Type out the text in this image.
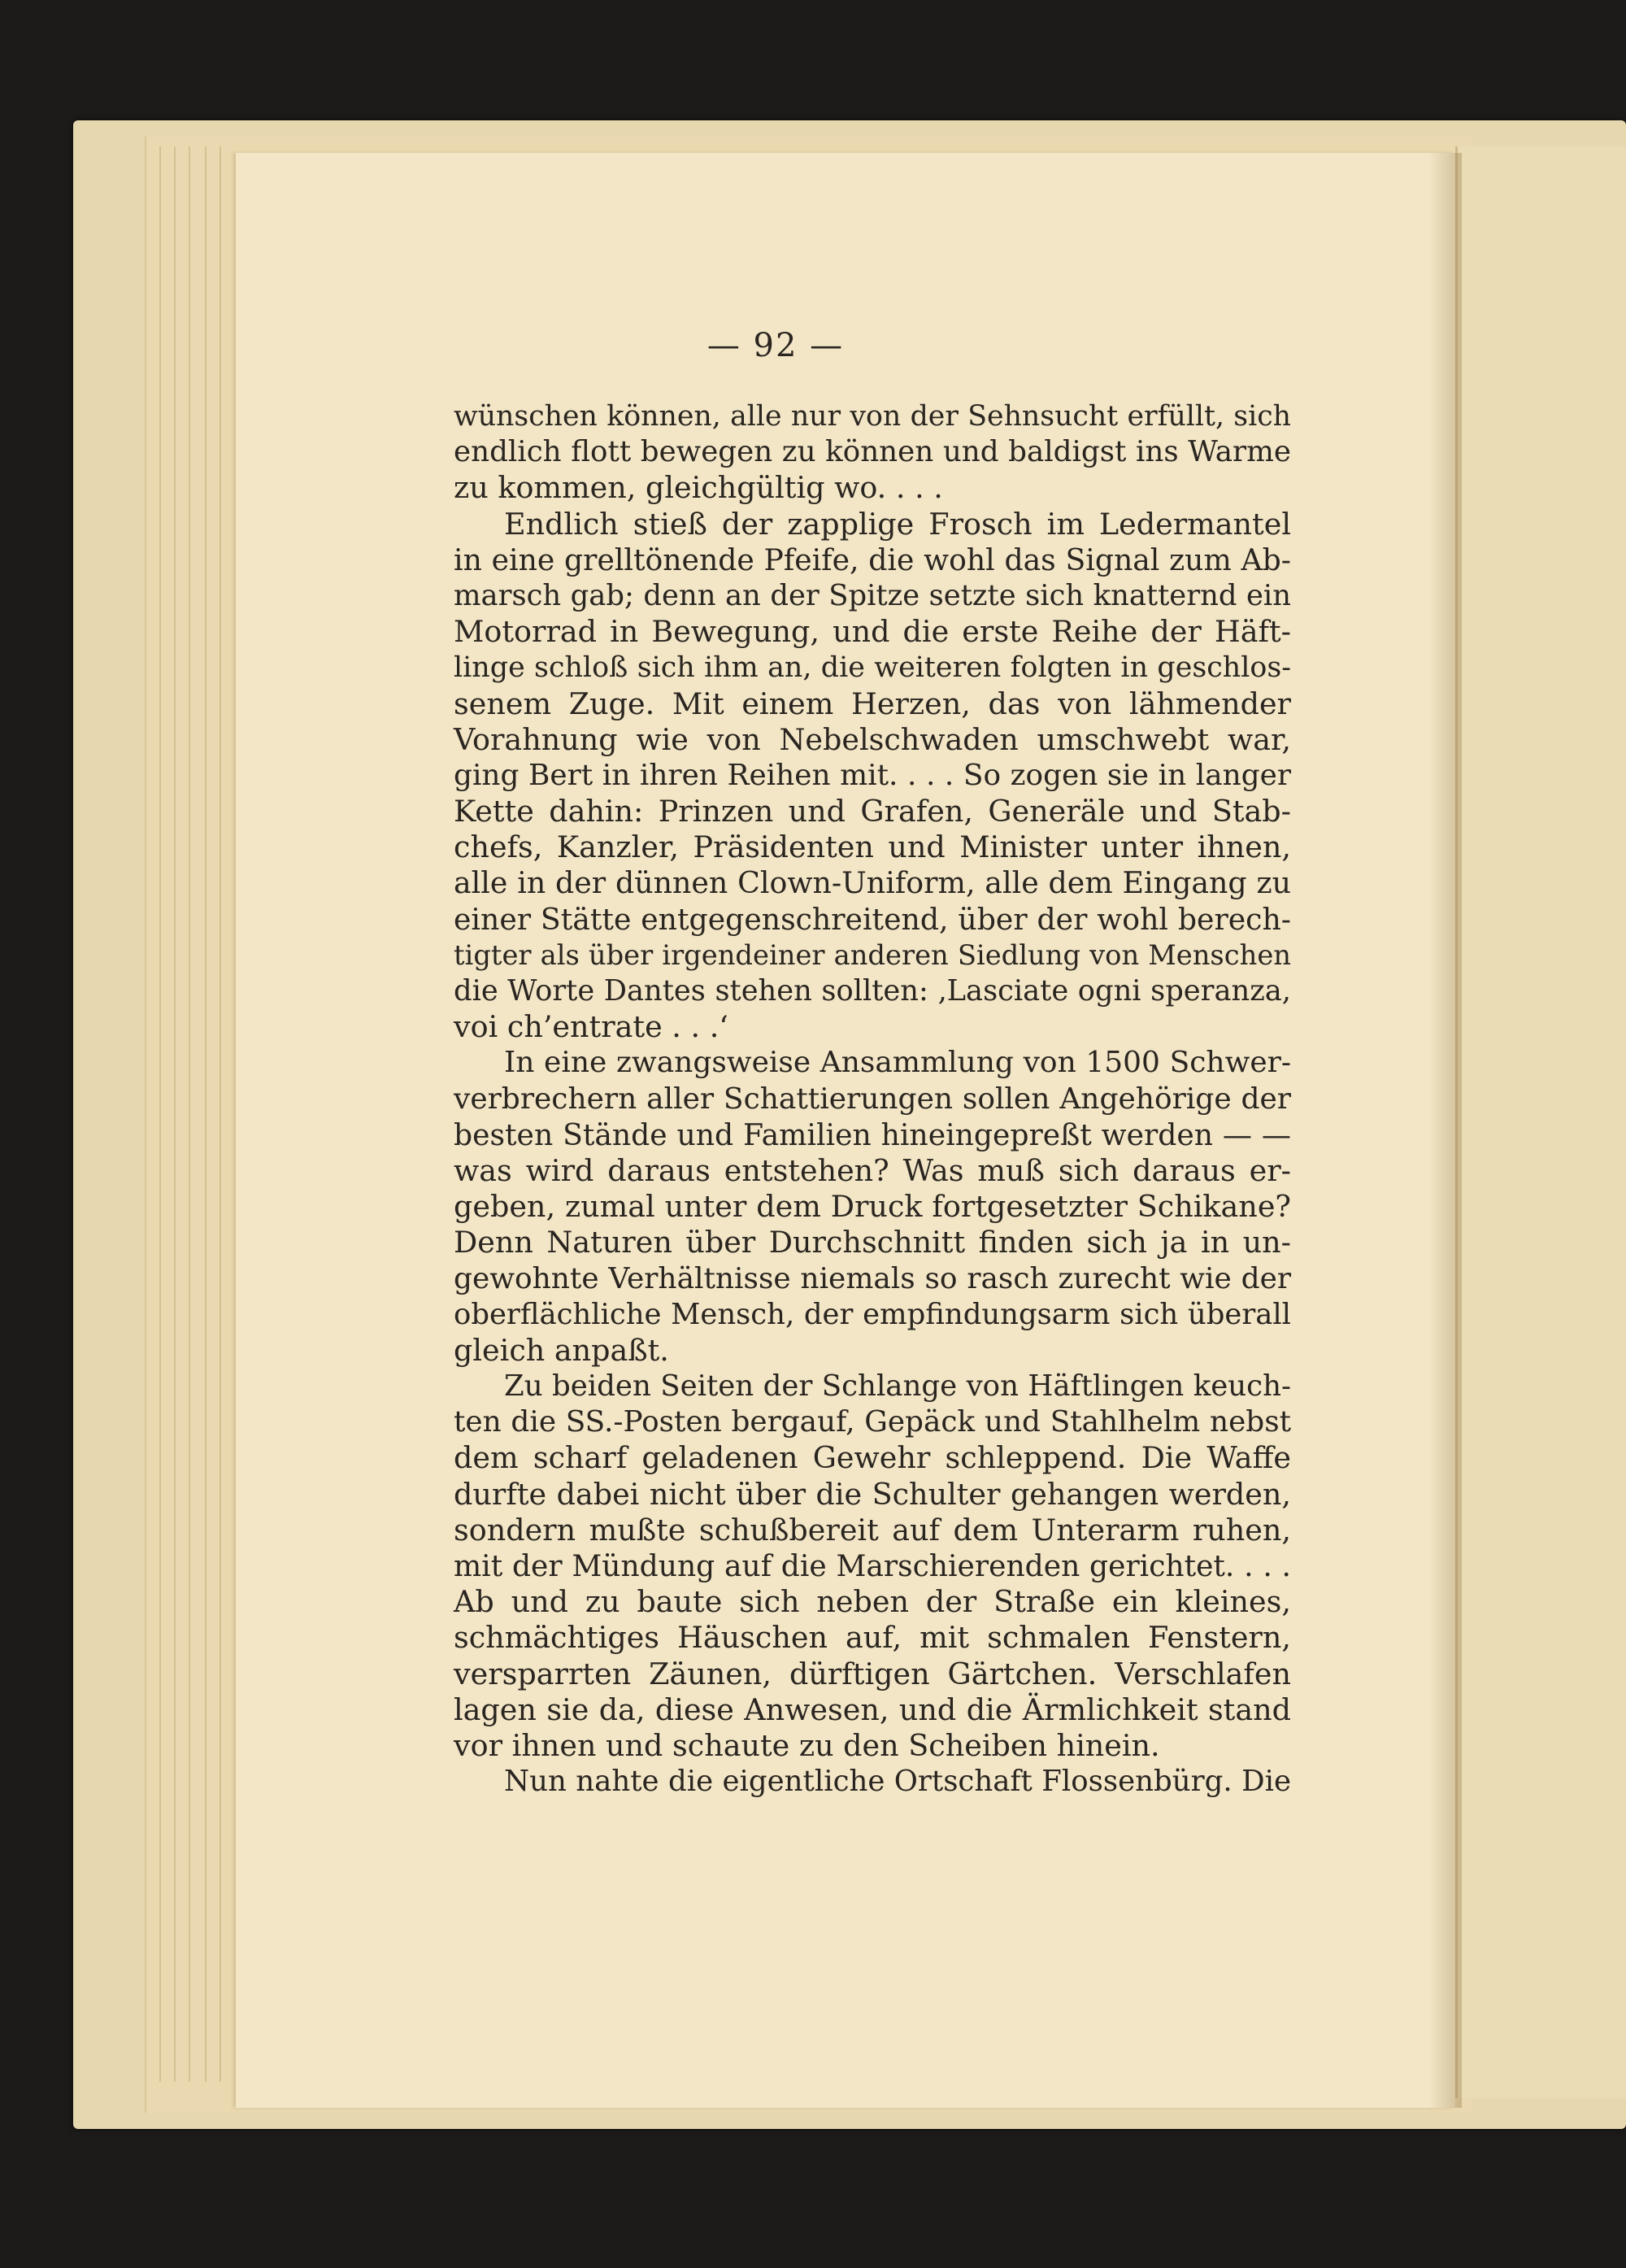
— 92 —
wünschen können, alle nur von der Sehnsucht erfüllt, sich
endlich flott bewegen zu können und baldigst ins Warme
zu kommen, gleichgültig wo. . . .
Endlich stieß der zapplige Frosch im Ledermantel
in eine grelltönende Pfeife, die wohl das Signal zum Ab-
marsch gab; denn an der Spitze setzte sich knatternd ein
Motorrad in Bewegung, und die erste Reihe der Häft-
linge schloß sich ihm an, die weiteren folgten in geschlos-
senem Zuge. Mit einem Herzen, das von lähmender
Vorahnung wie von Nebelschwaden umschwebt war,
ging Bert in ihren Reihen mit. . . . So zogen sie in langer
Kette dahin: Prinzen und Grafen, Generäle und Stab-
chefs, Kanzler, Präsidenten und Minister unter ihnen,
alle in der dünnen Clown-Uniform, alle dem Eingang zu
einer Stätte entgegenschreitend, über der wohl berech-
tigter als über irgendeiner anderen Siedlung von Menschen
die Worte Dantes stehen sollten: ‚Lasciate ogni speranza,
voi ch’entrate . . .‘
In eine zwangsweise Ansammlung von 1500 Schwer-
verbrechern aller Schattierungen sollen Angehörige der
besten Stände und Familien hineingepreßt werden — —
was wird daraus entstehen? Was muß sich daraus er-
geben, zumal unter dem Druck fortgesetzter Schikane?
Denn Naturen über Durchschnitt finden sich ja in un-
gewohnte Verhältnisse niemals so rasch zurecht wie der
oberflächliche Mensch, der empfindungsarm sich überall
gleich anpaßt.
Zu beiden Seiten der Schlange von Häftlingen keuch-
ten die SS.-Posten bergauf, Gepäck und Stahlhelm nebst
dem scharf geladenen Gewehr schleppend. Die Waffe
durfte dabei nicht über die Schulter gehangen werden,
sondern mußte schußbereit auf dem Unterarm ruhen,
mit der Mündung auf die Marschierenden gerichtet. . . .
Ab und zu baute sich neben der Straße ein kleines,
schmächtiges Häuschen auf, mit schmalen Fenstern,
versparrten Zäunen, dürftigen Gärtchen. Verschlafen
lagen sie da, diese Anwesen, und die Ärmlichkeit stand
vor ihnen und schaute zu den Scheiben hinein.
Nun nahte die eigentliche Ortschaft Flossenbürg. Die
